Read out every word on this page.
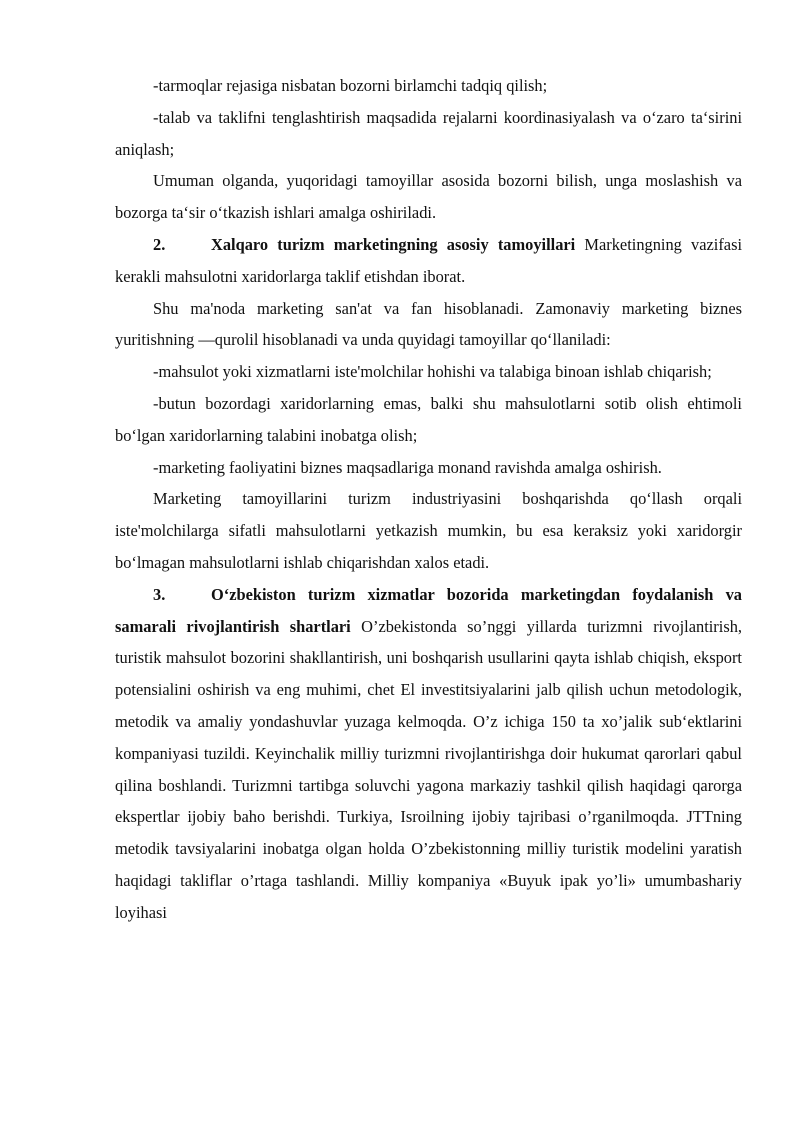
-tarmoqlar rejasiga nisbatan bozorni birlamchi tadqiq qilish;

-talab va taklifni tenglashtirish maqsadida rejalarni koordinasiyalash va o‘zaro ta‘sirini aniqlash;

Umuman olganda, yuqoridagi tamoyillar asosida bozorni bilish, unga moslashish va bozorga ta‘sir o‘tkazish ishlari amalga oshiriladi.

2.	Xalqaro turizm marketingning asosiy tamoyillari Marketingning vazifasi kerakli mahsulotni xaridorlarga taklif etishdan iborat.

Shu ma'noda marketing san'at va fan hisoblanadi. Zamonaviy marketing biznes yuritishning ―qurolil hisoblanadi va unda quyidagi tamoyillar qo‘llaniladi:

-mahsulot yoki xizmatlarni iste'molchilar hohishi va talabiga binoan ishlab chiqarish;

-butun bozordagi xaridorlarning emas, balki shu mahsulotlarni sotib olish ehtimoli bo‘lgan xaridorlarning talabini inobatga olish;

-marketing faoliyatini biznes maqsadlariga monand ravishda amalga oshirish.

Marketing tamoyillarini turizm industriyasini boshqarishda qo‘llash orqali iste'molchilarga sifatli mahsulotlarni yetkazish mumkin, bu esa keraksiz yoki xaridorgir bo‘lmagan mahsulotlarni ishlab chiqarishdan xalos etadi.

3.	O‘zbekiston turizm xizmatlar bozorida marketingdan foydalanish va samarali rivojlantirish shartlari O’zbekistonda so’nggi yillarda turizmni rivojlantirish, turistik mahsulot bozorini shakllantirish, uni boshqarish usullarini qayta ishlab chiqish, eksport potensialini oshirish va eng muhimi, chet El investitsiyalarini jalb qilish uchun metodologik, metodik va amaliy yondashuvlar yuzaga kelmoqda. O’z ichiga 150 ta xo’jalik sub‘ektlarini kompaniyasi tuzildi. Keyinchalik milliy turizmni rivojlantirishga doir hukumat qarorlari qabul qilina boshlandi. Turizmni tartibga soluvchi yagona markaziy tashkil qilish haqidagi qarorga ekspertlar ijobiy baho berishdi. Turkiya, Isroilning ijobiy tajribasi o’rganilmoqda. JTTning metodik tavsiyalarini inobatga olgan holda O’zbekistonning milliy turistik modelini yaratish haqidagi takliflar o’rtaga tashlandi. Milliy kompaniya «Buyuk ipak yo’li» umumbashariy loyihasi
